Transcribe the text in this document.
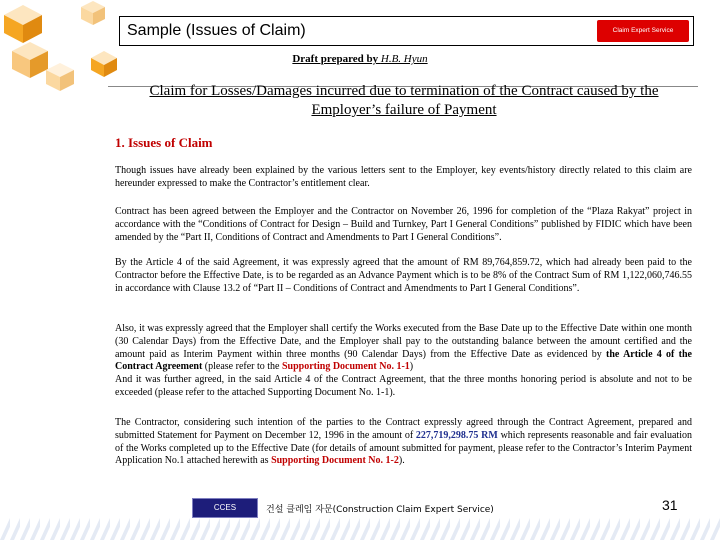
Sample (Issues of Claim)	Claim Expert Service
Draft prepared by H.B. Hyun
Claim for Losses/Damages incurred due to termination of the Contract caused by the Employer’s failure of Payment
1. Issues of Claim
Though issues have already been explained by the various letters sent to the Employer, key events/history directly related to this claim are hereunder expressed to make the Contractor’s entitlement clear.
Contract has been agreed between the Employer and the Contractor on November 26, 1996 for completion of the “Plaza Rakyat” project in accordance with the “Conditions of Contract for Design – Build and Turnkey, Part I General Conditions” published by FIDIC which have been amended by the “Part II, Conditions of Contract and Amendments to Part I General Conditions”.
By the Article 4 of the said Agreement, it was expressly agreed that the amount of RM 89,764,859.72, which had already been paid to the Contractor before the Effective Date, is to be regarded as an Advance Payment which is to be 8% of the Contract Sum of RM 1,122,060,746.55 in accordance with Clause 13.2 of “Part II – Conditions of Contract and Amendments to Part I General Conditions”.
Also, it was expressly agreed that the Employer shall certify the Works executed from the Base Date up to the Effective Date within one month (30 Calendar Days) from the Effective Date, and the Employer shall pay to the outstanding balance between the amount certified and the amount paid as Interim Payment within three months (90 Calendar Days) from the Effective Date as evidenced by the Article 4 of the Contract Agreement (please refer to the Supporting Document No. 1-1)
And it was further agreed, in the said Article 4 of the Contract Agreement, that the three months honoring period is absolute and not to be exceeded (please refer to the attached Supporting Document No. 1-1).
The Contractor, considering such intention of the parties to the Contract expressly agreed through the Contract Agreement, prepared and submitted Statement for Payment on December 12, 1996 in the amount of 227,719,298.75 RM which represents reasonable and fair evaluation of the Works completed up to the Effective Date (for details of amount submitted for payment, please refer to the Contractor’s Interim Payment Application No.1 attached herewith as Supporting Document No. 1-2).
CCES	건설 클레임 자문(Construction Claim Expert Service)	31
